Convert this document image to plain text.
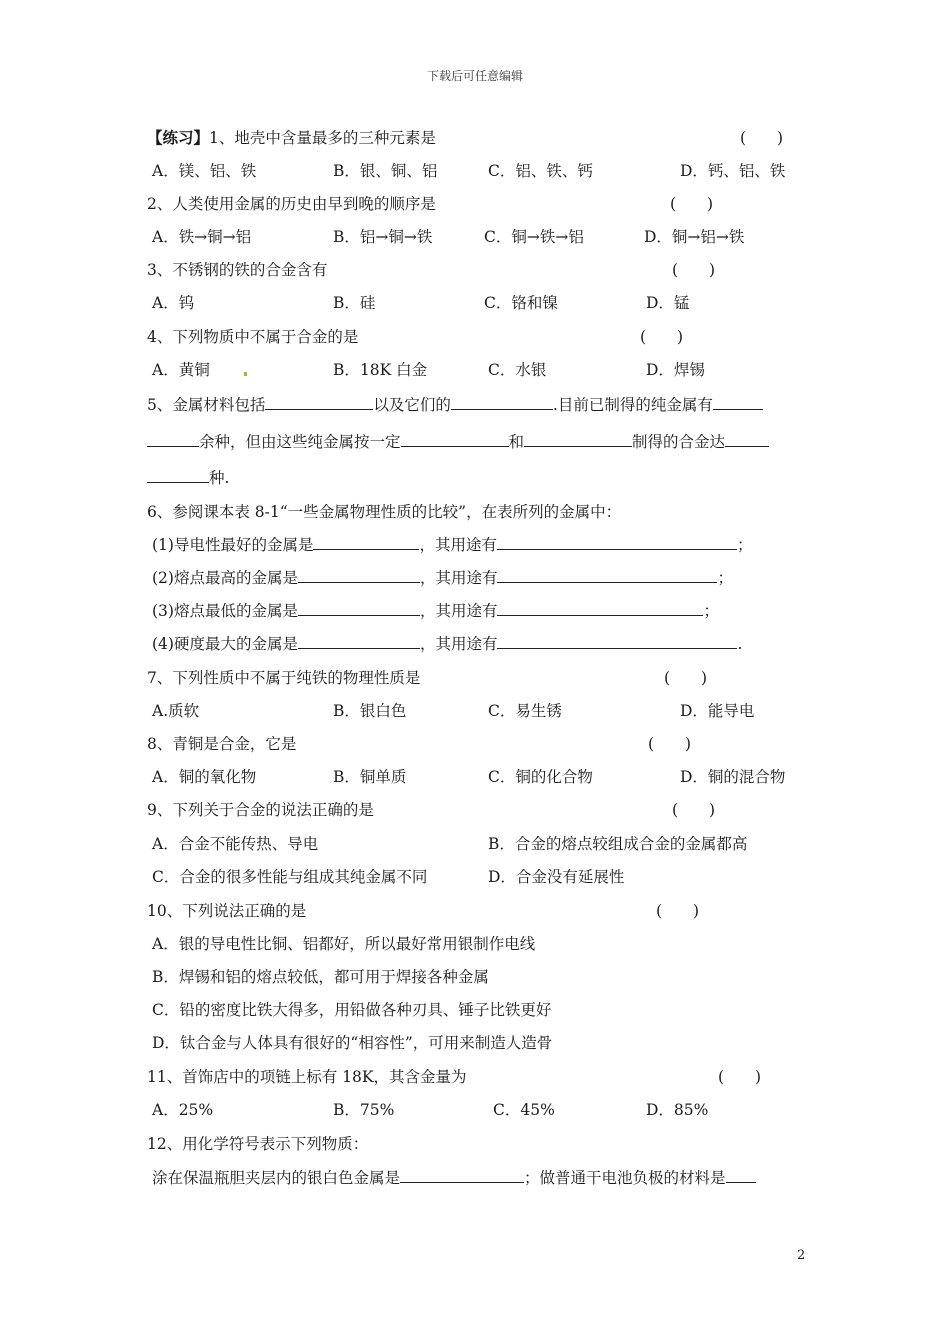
下载后可任意编辑
【练习】1、地壳中含量最多的三种元素是	(　　)
A．镁、铝、铁	B．银、铜、铝	C．铝、铁、钙	D．钙、铝、铁
2、人类使用金属的历史由早到晚的顺序是	(　　)
A．铁→铜→铝	B．铝→铜→铁	C．铜→铁→铝	D．铜→铝→铁
3、不锈钢的铁的合金含有	(　　)
A．钨	B．硅	C．铬和镍	D．锰
4、下列物质中不属于合金的是	(　　)
A．黄铜	B．18K 白金	C．水银	D．焊锡
5、金属材料包括	以及它们的	.目前已制得的纯金属有
余种，但由这些纯金属按一定	和	制得的合金达
种.
6、参阅课本表 8-1“一些金属物理性质的比较”，在表所列的金属中：
(1)导电性最好的金属是	，其用途有	；
(2)熔点最高的金属是	，其用途有	；
(3)熔点最低的金属是	，其用途有	；
(4)硬度最大的金属是	，其用途有	.
7、下列性质中不属于纯铁的物理性质是	(　　)
A.质软	B．银白色	C．易生锈	D．能导电
8、青铜是合金，它是	(　　)
A．铜的氧化物	B．铜单质	C．铜的化合物	D．铜的混合物
9、下列关于合金的说法正确的是	(　　)
A．合金不能传热、导电	B．合金的熔点较组成合金的金属都高
C．合金的很多性能与组成其纯金属不同	D．合金没有延展性
10、下列说法正确的是	(　　)
A．银的导电性比铜、铝都好，所以最好常用银制作电线
B．焊锡和铝的熔点较低，都可用于焊接各种金属
C．铅的密度比铁大得多，用铅做各种刃具、锤子比铁更好
D．钛合金与人体具有很好的“相容性”，可用来制造人造骨
11、首饰店中的项链上标有 18K，其含金量为	(　　)
A．25%	B．75%	C．45%	D．85%
12、用化学符号表示下列物质：
涂在保温瓶胆夹层内的银白色金属是	；做普通干电池负极的材料是
2
